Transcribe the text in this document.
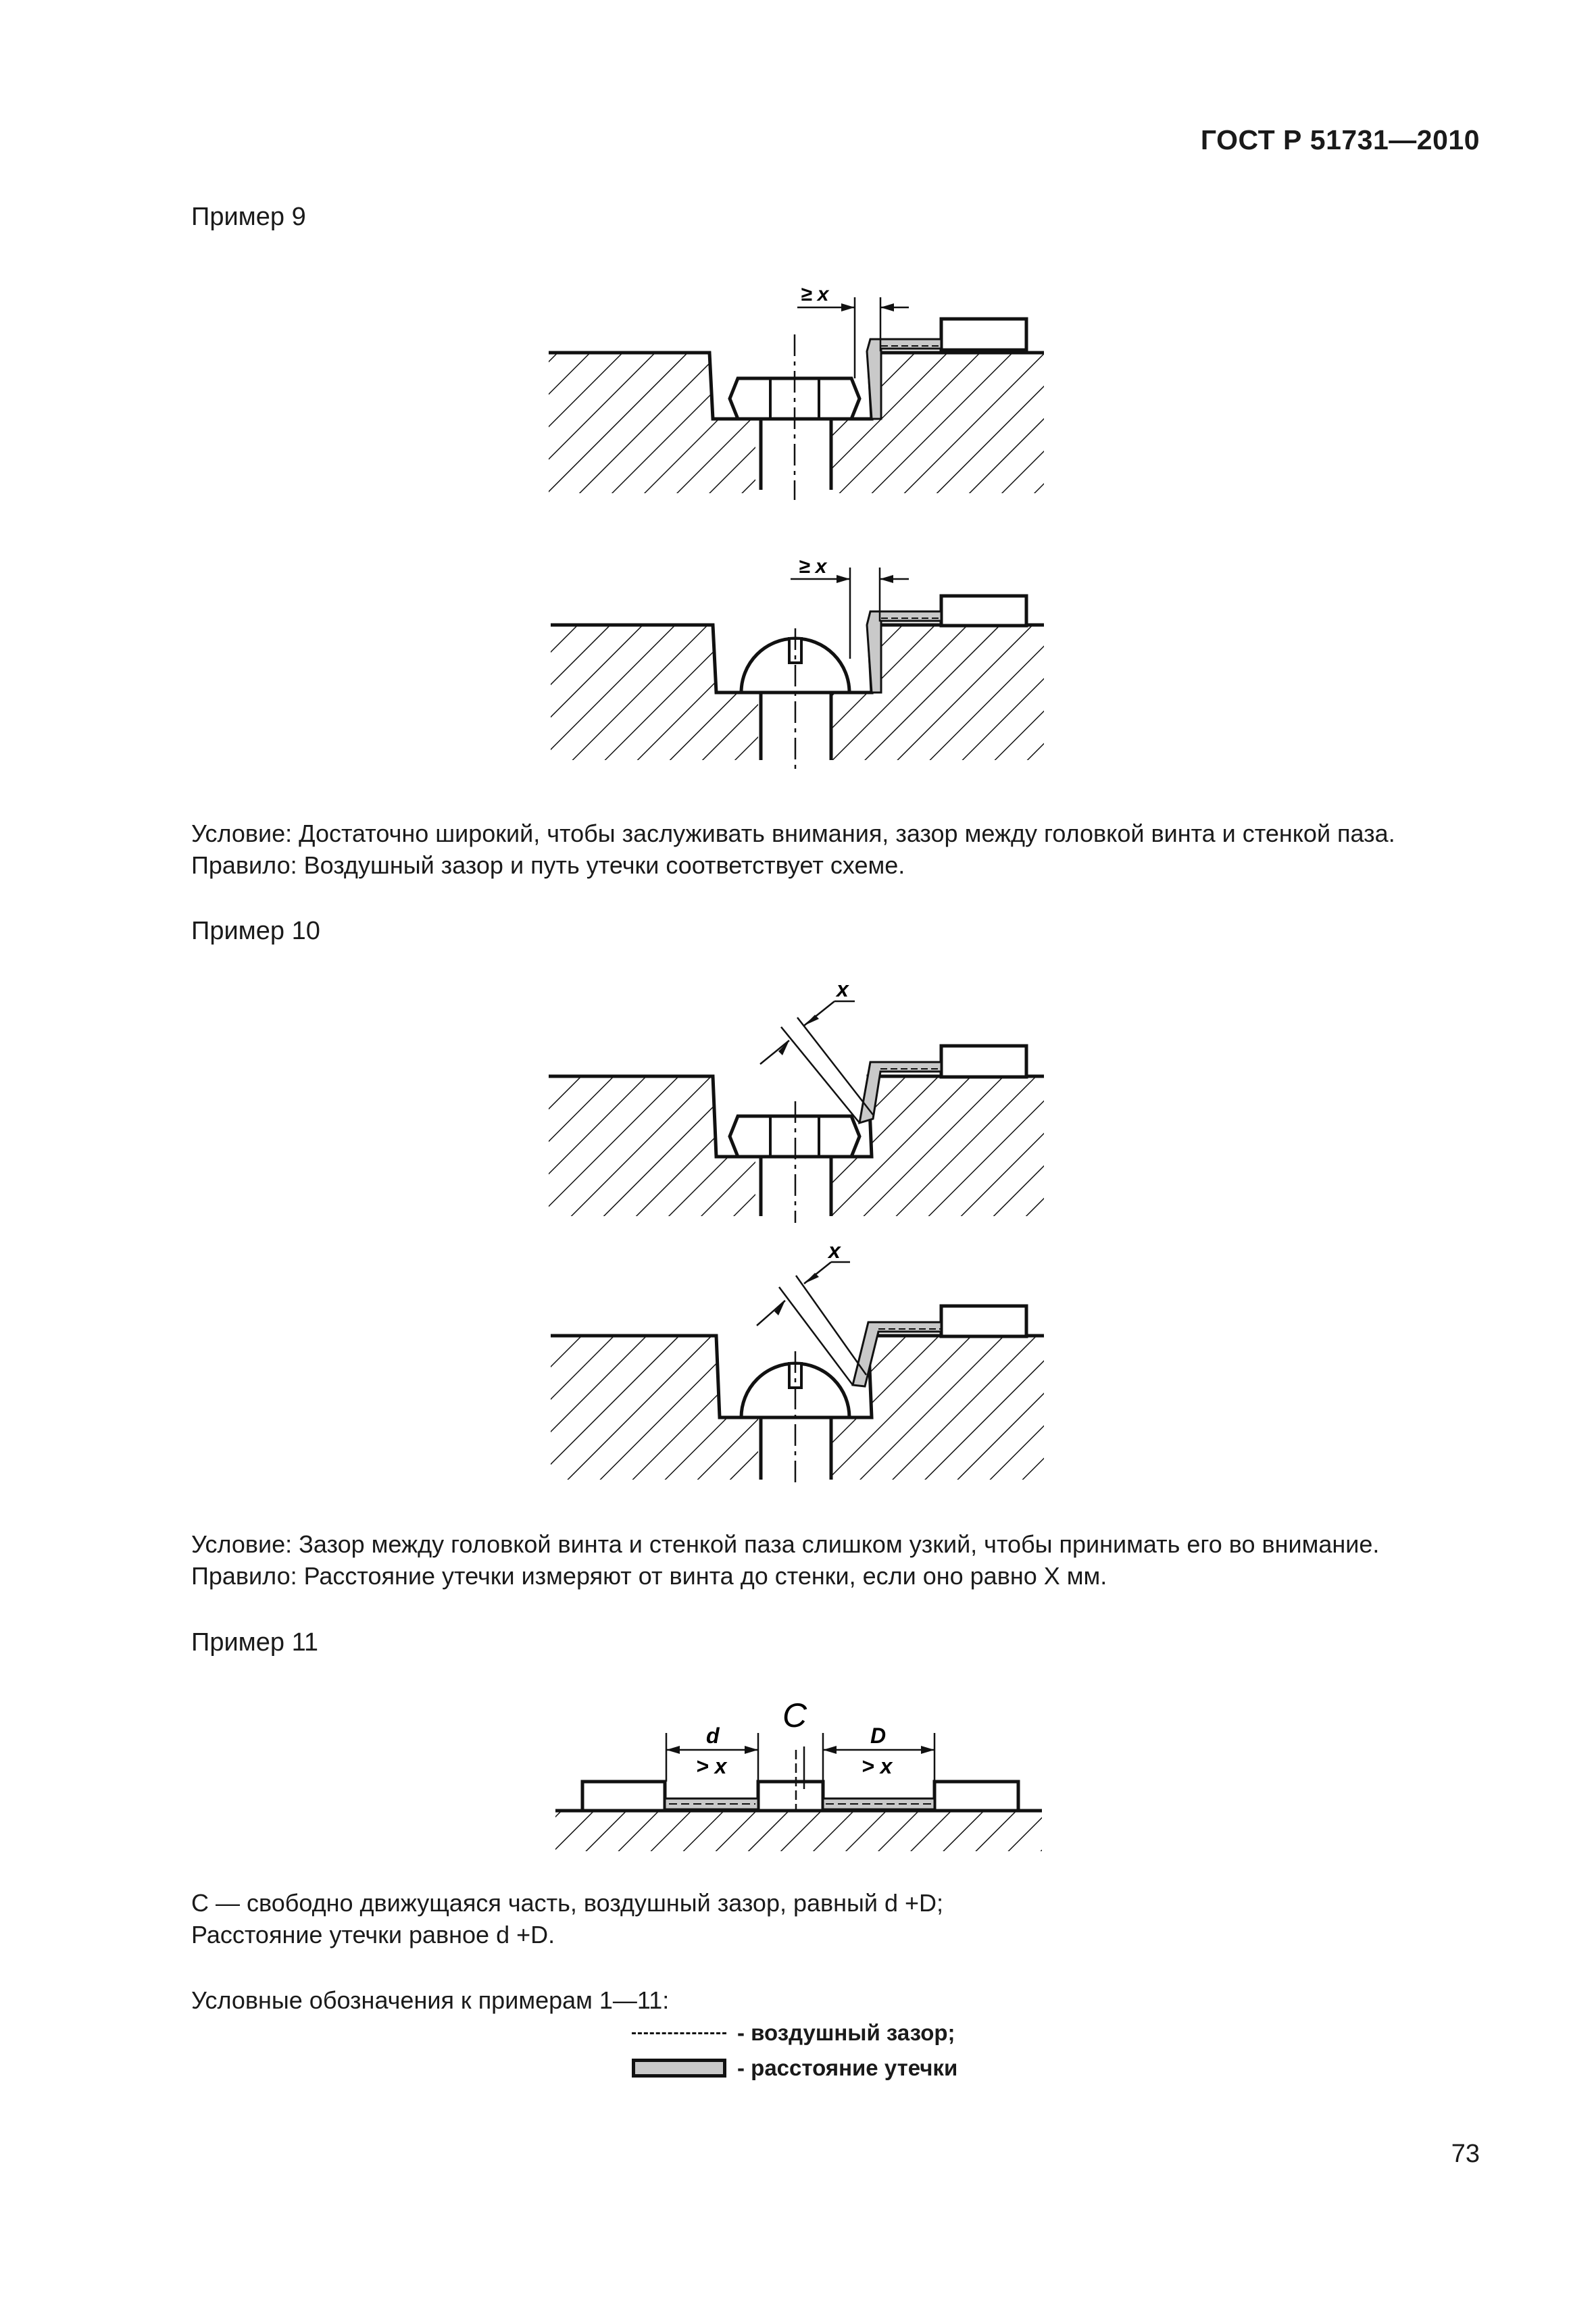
ГОСТ Р 51731—2010
Пример 9
≥ x
≥ x
Условие: Достаточно широкий, чтобы заслуживать внимания, зазор между головкой винта и стенкой паза.
Правило: Воздушный зазор и путь утечки соответствует схеме.
Пример 10
x
x
Условие: Зазор между головкой винта и стенкой паза слишком узкий, чтобы принимать его во внимание.
Правило: Расстояние утечки измеряют от винта до стенки, если оно равно X мм.
Пример 11
C
d
> x
D
> x
C — свободно движущаяся часть, воздушный зазор, равный d +D;
Расстояние утечки равное d +D.
Условные обозначения к примерам 1—11:
- воздушный зазор;
- расстояние утечки
73
